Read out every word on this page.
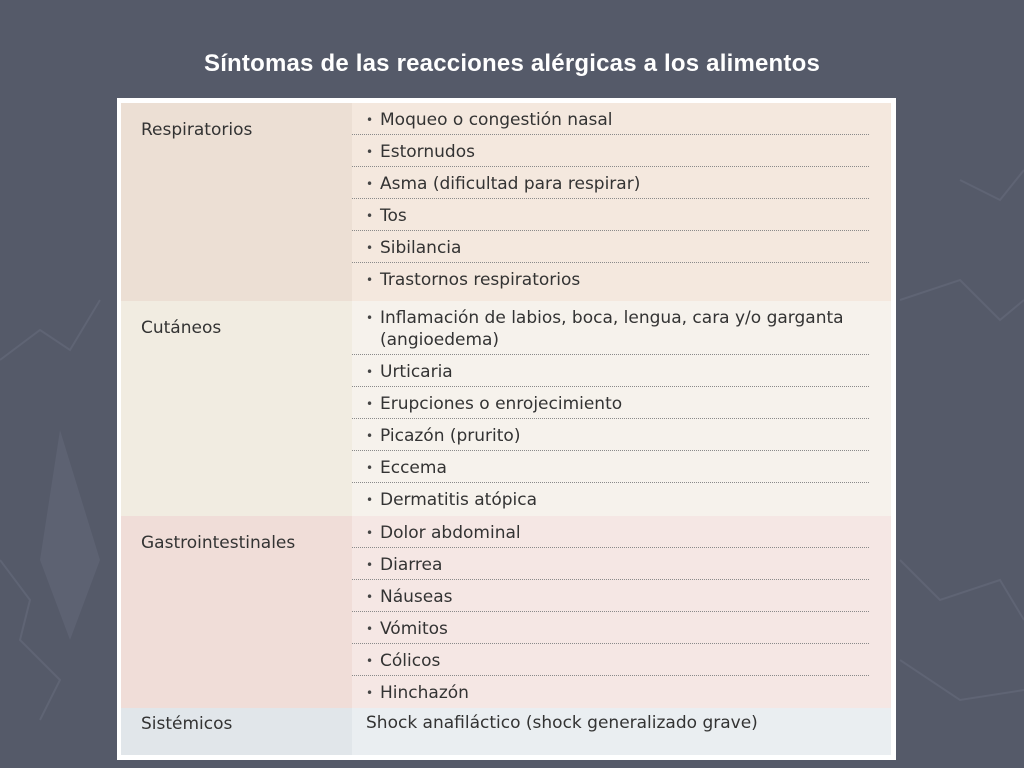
Síntomas de las reacciones alérgicas a los alimentos
Respiratorios	• Moqueo o congestión nasal
• Estornudos
• Asma (dificultad para respirar)
• Tos
• Sibilancia
• Trastornos respiratorios
Cutáneos	• Inflamación de labios, boca, lengua, cara y/o garganta (angioedema)
• Urticaria
• Erupciones o enrojecimiento
• Picazón (prurito)
• Eccema
• Dermatitis atópica
Gastrointestinales	• Dolor abdominal
• Diarrea
• Náuseas
• Vómitos
• Cólicos
• Hinchazón
Sistémicos	Shock anafiláctico (shock generalizado grave)
